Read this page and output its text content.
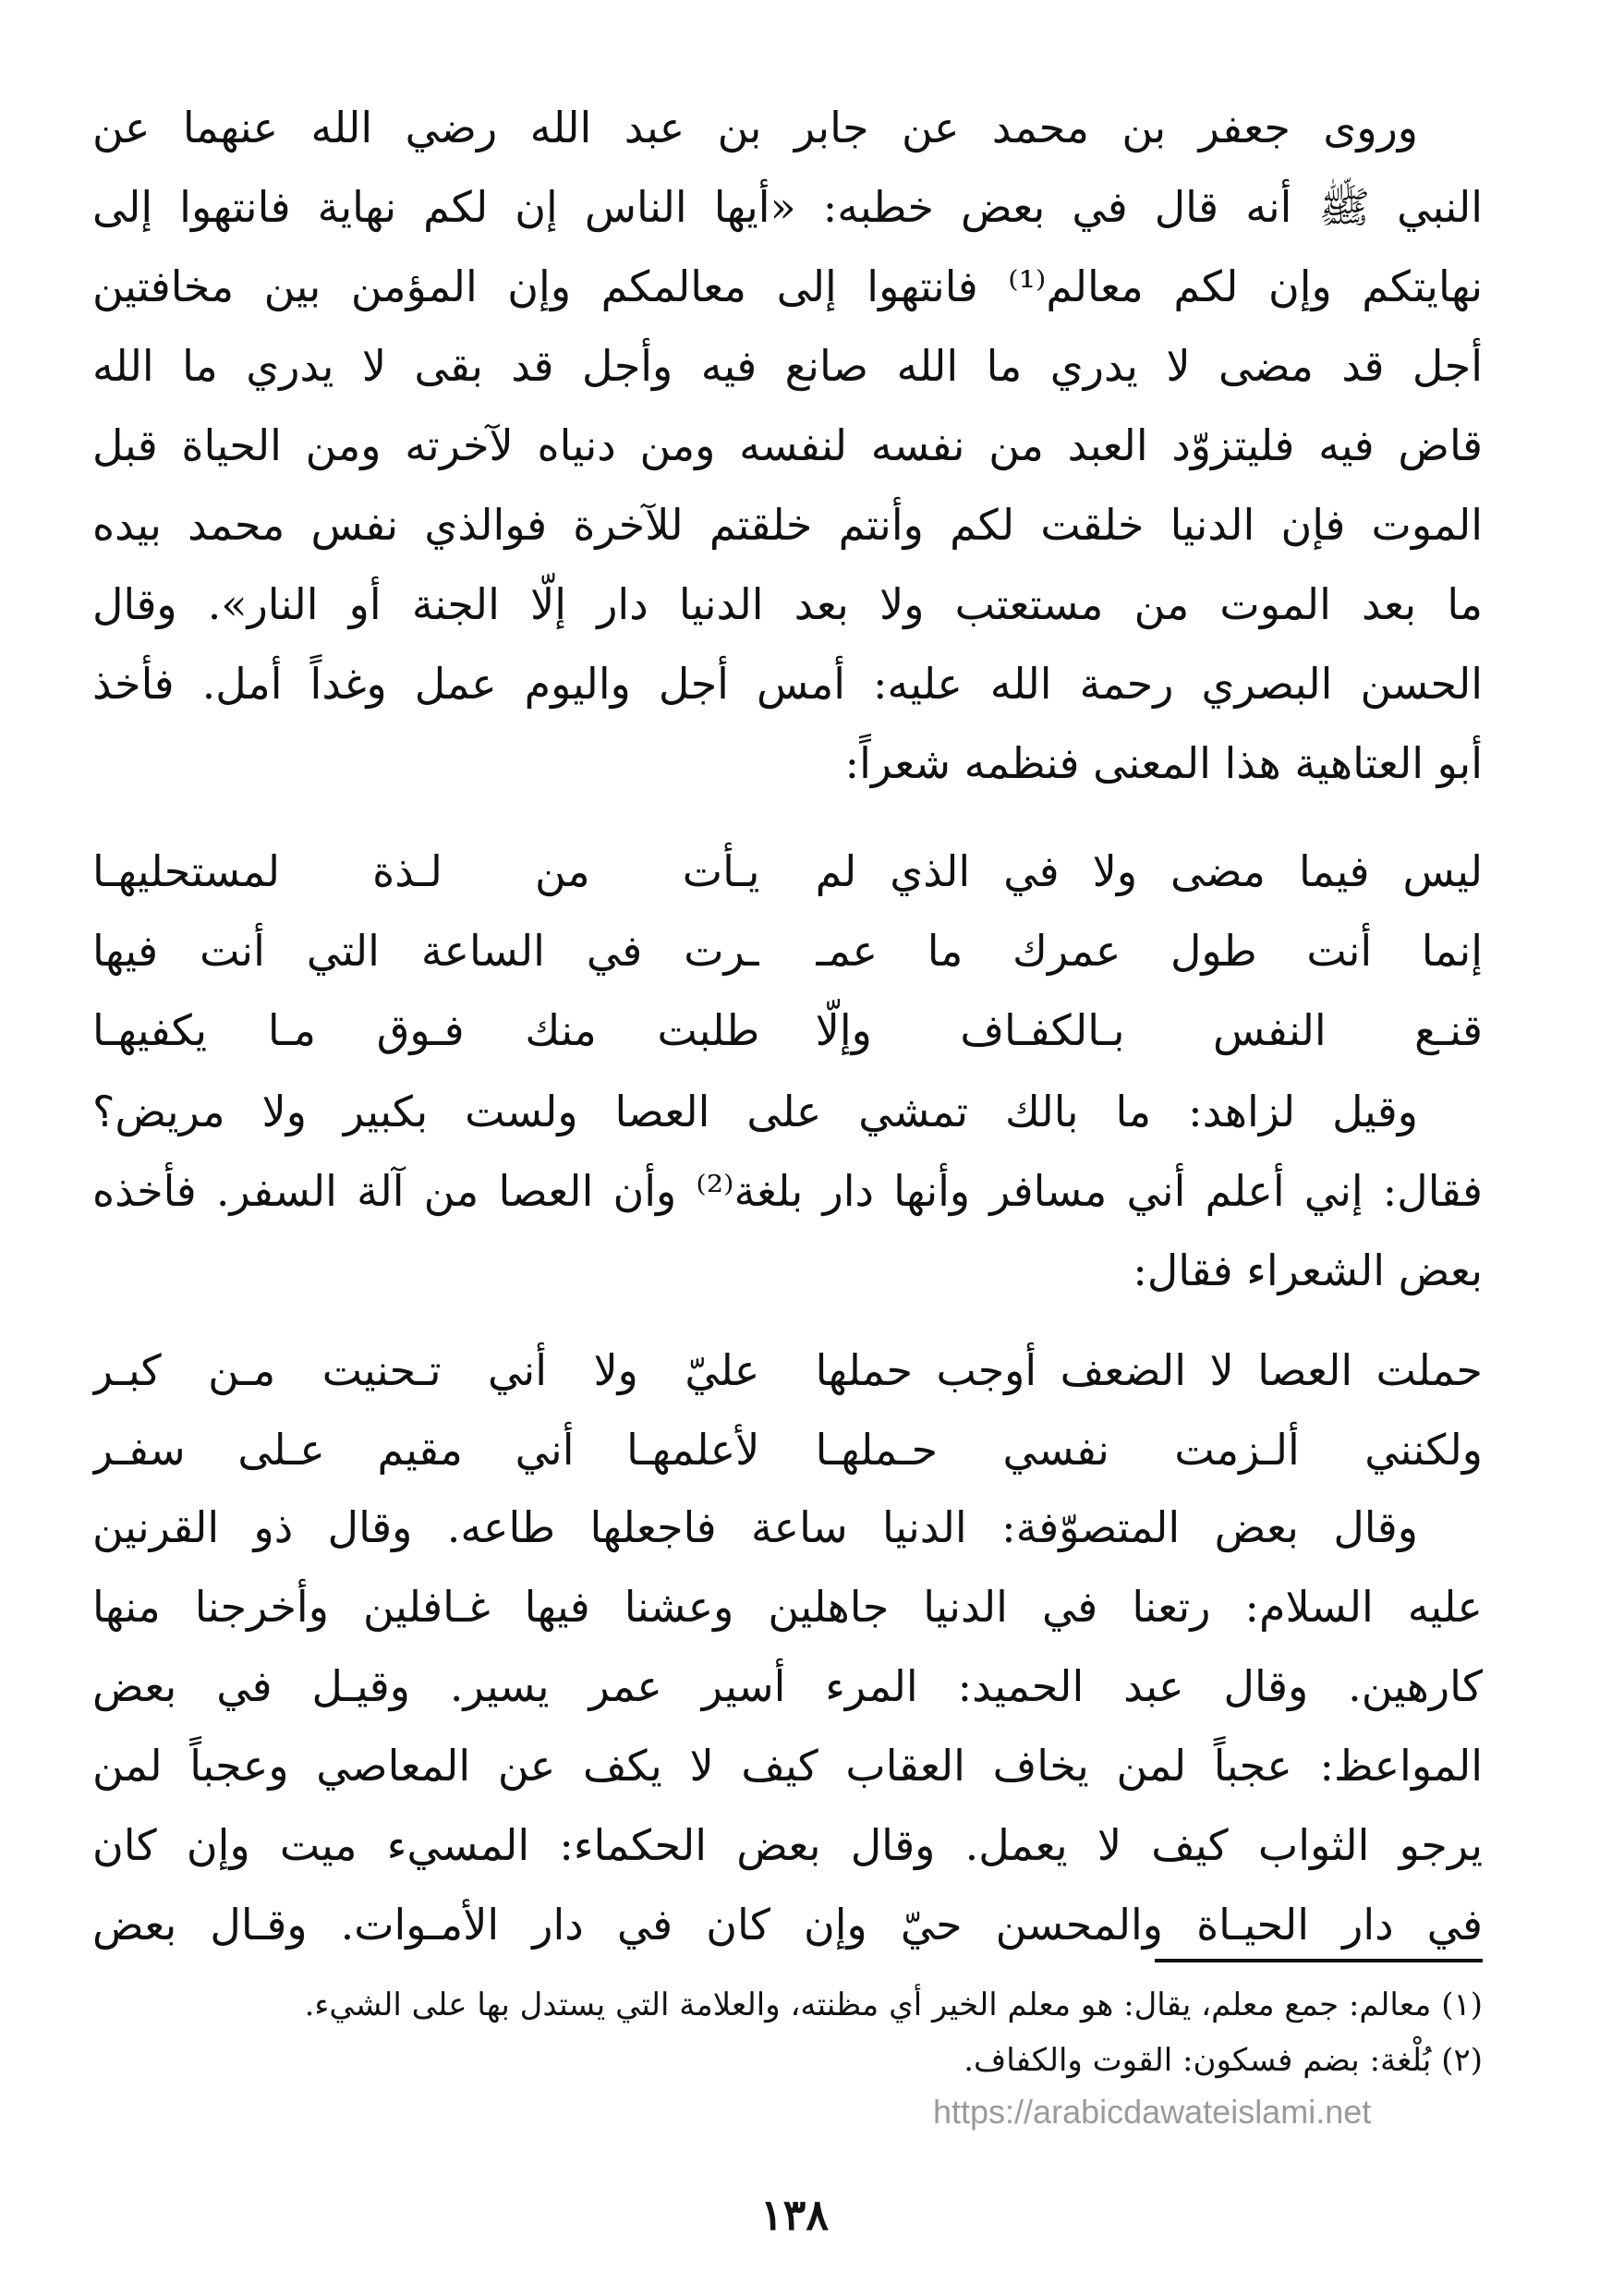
وروى جعفر بن محمد عن جابر بن عبد الله رضي الله عنهما عن
النبي ﷺ أنه قال في بعض خطبه: «أيها الناس إن لكم نهاية فانتهوا إلى
نهايتكم وإن لكم معالم⁽¹⁾ فانتهوا إلى معالمكم وإن المؤمن بين مخافتين
أجل قد مضى لا يدري ما الله صانع فيه وأجل قد بقى لا يدري ما الله
قاض فيه فليتزوّد العبد من نفسه لنفسه ومن دنياه لآخرته ومن الحياة قبل
الموت فإن الدنيا خلقت لكم وأنتم خلقتم للآخرة فوالذي نفس محمد بيده
ما بعد الموت من مستعتب ولا بعد الدنيا دار إلّا الجنة أو النار». وقال
الحسن البصري رحمة الله عليه: أمس أجل واليوم عمل وغداً أمل. فأخذ
أبو العتاهية هذا المعنى فنظمه شعراً:
ليس فيما مضى ولا في الذي لم
يـأت من لـذة لمستحليهـا
إنما أنت طول عمرك ما عمـ
ـرت في الساعة التي أنت فيها
قنـع النفس بـالكفـاف وإلّا
طلبت منك فـوق مـا يكفيهـا
وقيل لزاهد: ما بالك تمشي على العصا ولست بكبير ولا مريض؟
فقال: إني أعلم أني مسافر وأنها دار بلغة⁽²⁾ وأن العصا من آلة السفر. فأخذه
بعض الشعراء فقال:
حملت العصا لا الضعف أوجب حملها
عليّ ولا أني تـحنيت مـن كبـر
ولكنني ألـزمت نفسي حـملهـا
لأعلمهـا أني مقيم عـلى سفـر
وقال بعض المتصوّفة: الدنيا ساعة فاجعلها طاعه. وقال ذو القرنين
عليه السلام: رتعنا في الدنيا جاهلين وعشنا فيها غـافلين وأخرجنا منها
كارهين. وقال عبد الحميد: المرء أسير عمر يسير. وقيـل في بعض
المواعظ: عجباً لمن يخاف العقاب كيف لا يكف عن المعاصي وعجباً لمن
يرجو الثواب كيف لا يعمل. وقال بعض الحكماء: المسيء ميت وإن كان
في دار الحيـاة والمحسن حيّ وإن كان في دار الأمـوات. وقـال بعض
(١) معالم: جمع معلم، يقال: هو معلم الخير أي مظنته، والعلامة التي يستدل بها على الشيء.
(٢) بُلْغة: بضم فسكون: القوت والكفاف.
https://arabicdawateislami.net
١٣٨
